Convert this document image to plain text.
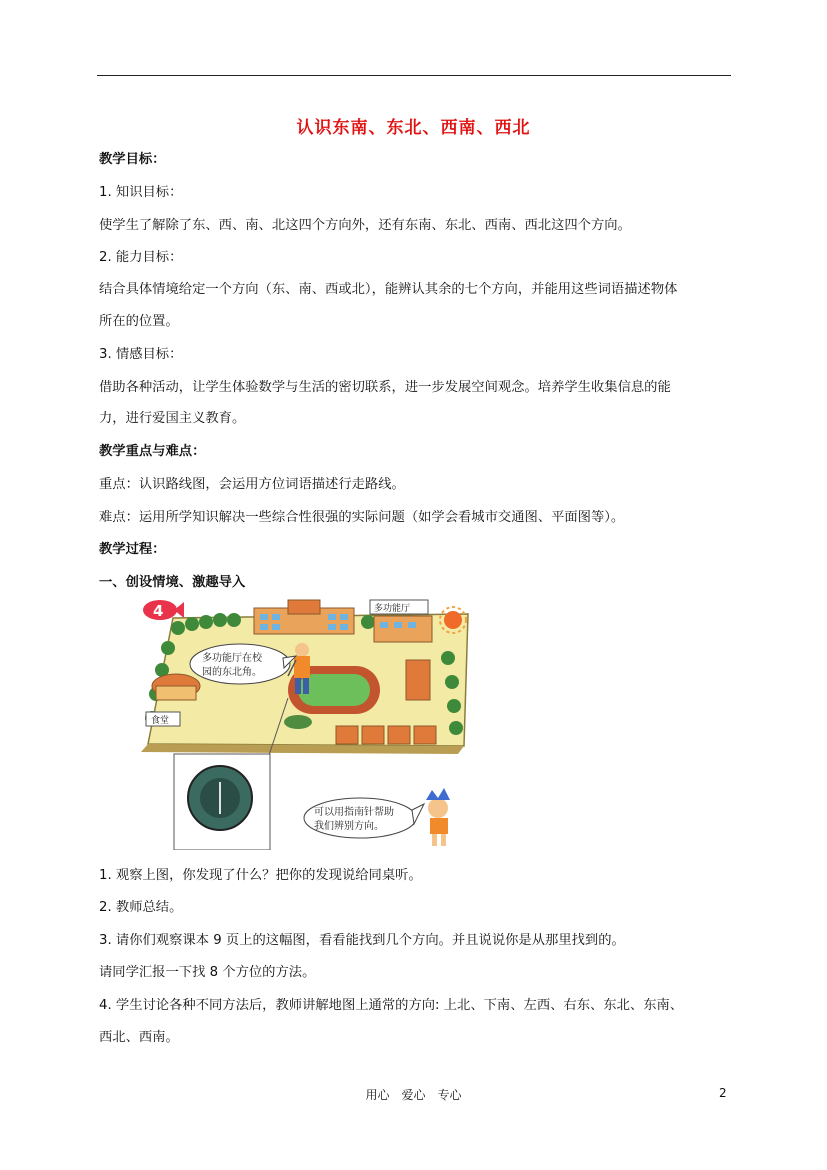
认识东南、东北、西南、西北
教学目标：
1. 知识目标：
使学生了解除了东、西、南、北这四个方向外，还有东南、东北、西南、西北这四个方向。
2. 能力目标：
结合具体情境给定一个方向（东、南、西或北），能辨认其余的七个方向，并能用这些词语描述物体
所在的位置。
3. 情感目标：
借助各种活动，让学生体验数学与生活的密切联系，进一步发展空间观念。培养学生收集信息的能
力，进行爱国主义教育。
教学重点与难点：
重点：认识路线图，会运用方位词语描述行走路线。
难点：运用所学知识解决一些综合性很强的实际问题（如学会看城市交通图、平面图等）。
教学过程：
一、创设情境、激趣导入
4	多功能厅
食堂
多功能厅在校
园的东北角。
可以用指南针帮助
我们辨别方向。
1. 观察上图，你发现了什么？把你的发现说给同桌听。
2. 教师总结。
3. 请你们观察课本 9 页上的这幅图，看看能找到几个方向。并且说说你是从那里找到的。
请同学汇报一下找 8 个方位的方法。
4. 学生讨论各种不同方法后，教师讲解地图上通常的方向: 上北、下南、左西、右东、东北、东南、
西北、西南。
用心　爱心　专心	2
